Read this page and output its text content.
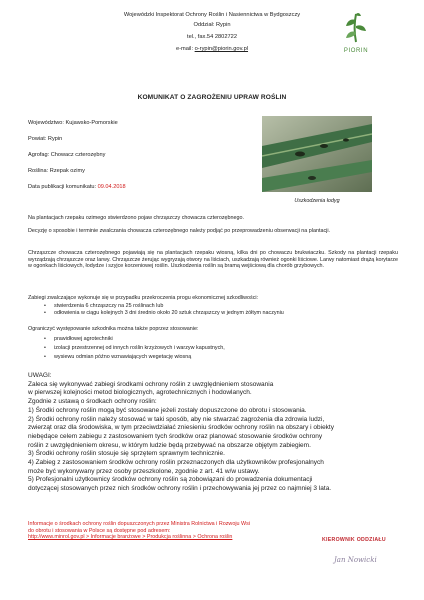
Wojewódzki Inspektorat Ochrony Roślin i Nasiennictwa w Bydgoszczy
Oddział: Rypin
tel., fax.54 2802722
e-mail: o-rypin@piorin.gov.pl	PIORIN
KOMUNIKAT O ZAGROŻENIU UPRAW ROŚLIN
Województwo: Kujawsko-Pomorskie
Powiat: Rypin
Agrofag: Chowacz czterozębny
Roślina: Rzepak ozimy
Data publikacji komunikatu: 09.04.2018
Uszkodzenia łodyg
Na plantacjach rzepaku ozimego stwierdzono pojaw chrząszczy chowacza czterozębnego.
Decyzję o sposobie i terminie zwalczania chowacza czterozębnego należy podjąć po przeprowadzeniu obserwacji na plantacji.
Chrząszcze chowacza czterozębnego pojawiają się na plantacjach rzepaku wiosną, kilka dni po chowaczu brukwiaczku. Szkody na plantacji rzepaku wyrządzają chrząszcze oraz larwy. Chrząszcze żerując wygryzają otwory na liściach, uszkadzają również ogonki liściowe. Larwy natomiast drążą korytarze w ogonkach liściowych, łodydze i szyjce korzeniowej roślin. Uszkodzenia roślin są bramą wejściową dla chorób grzybowych.
Zabiegi zwalczające wykonuje się w przypadku przekroczenia progu ekonomicznej szkodliwości:
• stwierdzenia 6 chrząszczy na 25 roślinach lub
• odłowienia w ciągu kolejnych 3 dni średnio około 20 sztuk chrząszczy w jednym żółtym naczyniu
Ograniczyć występowanie szkodnika można także poprzez stosowanie:
• prawidłowej agrotechniki
• izolacji przestrzennej od innych roślin krzyżowych i warzyw kapustnych,
• wysiewu odmian późno wznawiających wegetację wiosną
UWAGI:
Zaleca się wykonywać zabiegi środkami ochrony roślin z uwzględnieniem stosowania
w pierwszej kolejności metod biologicznych, agrotechnicznych i hodowlanych.
Zgodnie z ustawą o środkach ochrony roślin:
1) Środki ochrony roślin mogą być stosowane jeżeli zostały dopuszczone do obrotu i stosowania.
2) Środki ochrony roślin należy stosować w taki sposób, aby nie stwarzać zagrożenia dla zdrowia ludzi,
zwierząt oraz dla środowiska, w tym przeciwdziałać zniesieniu środków ochrony roślin na obszary i obiekty
niebędące celem zabiegu z zastosowaniem tych środków oraz planować stosowanie środków ochrony
roślin z uwzględnieniem okresu, w którym ludzie będą przebywać na obszarze objętym zabiegiem.
3) Środki ochrony roślin stosuje się sprzętem sprawnym technicznie.
4) Zabieg z zastosowaniem środków ochrony roślin przeznaczonych dla użytkowników profesjonalnych
może być wykonywany przez osoby przeszkolone, zgodnie z art. 41 w/w ustawy.
5) Profesjonalni użytkownicy środków ochrony roślin są zobowiązani do prowadzenia dokumentacji
dotyczącej stosowanych przez nich środków ochrony roślin i przechowywania jej przez co najmniej 3 lata.
Informacje o środkach ochrony roślin dopuszczonych przez Ministra Rolnictwa i Rozwoju Wsi
do obrotu i stosowania w Polsce są dostępne pod adresem:
http://www.minrol.gov.pl > Informacje branżowe > Produkcja roślinna > Ochrona roślin	KIEROWNIK ODDZIAŁU
Jan Nowicki
